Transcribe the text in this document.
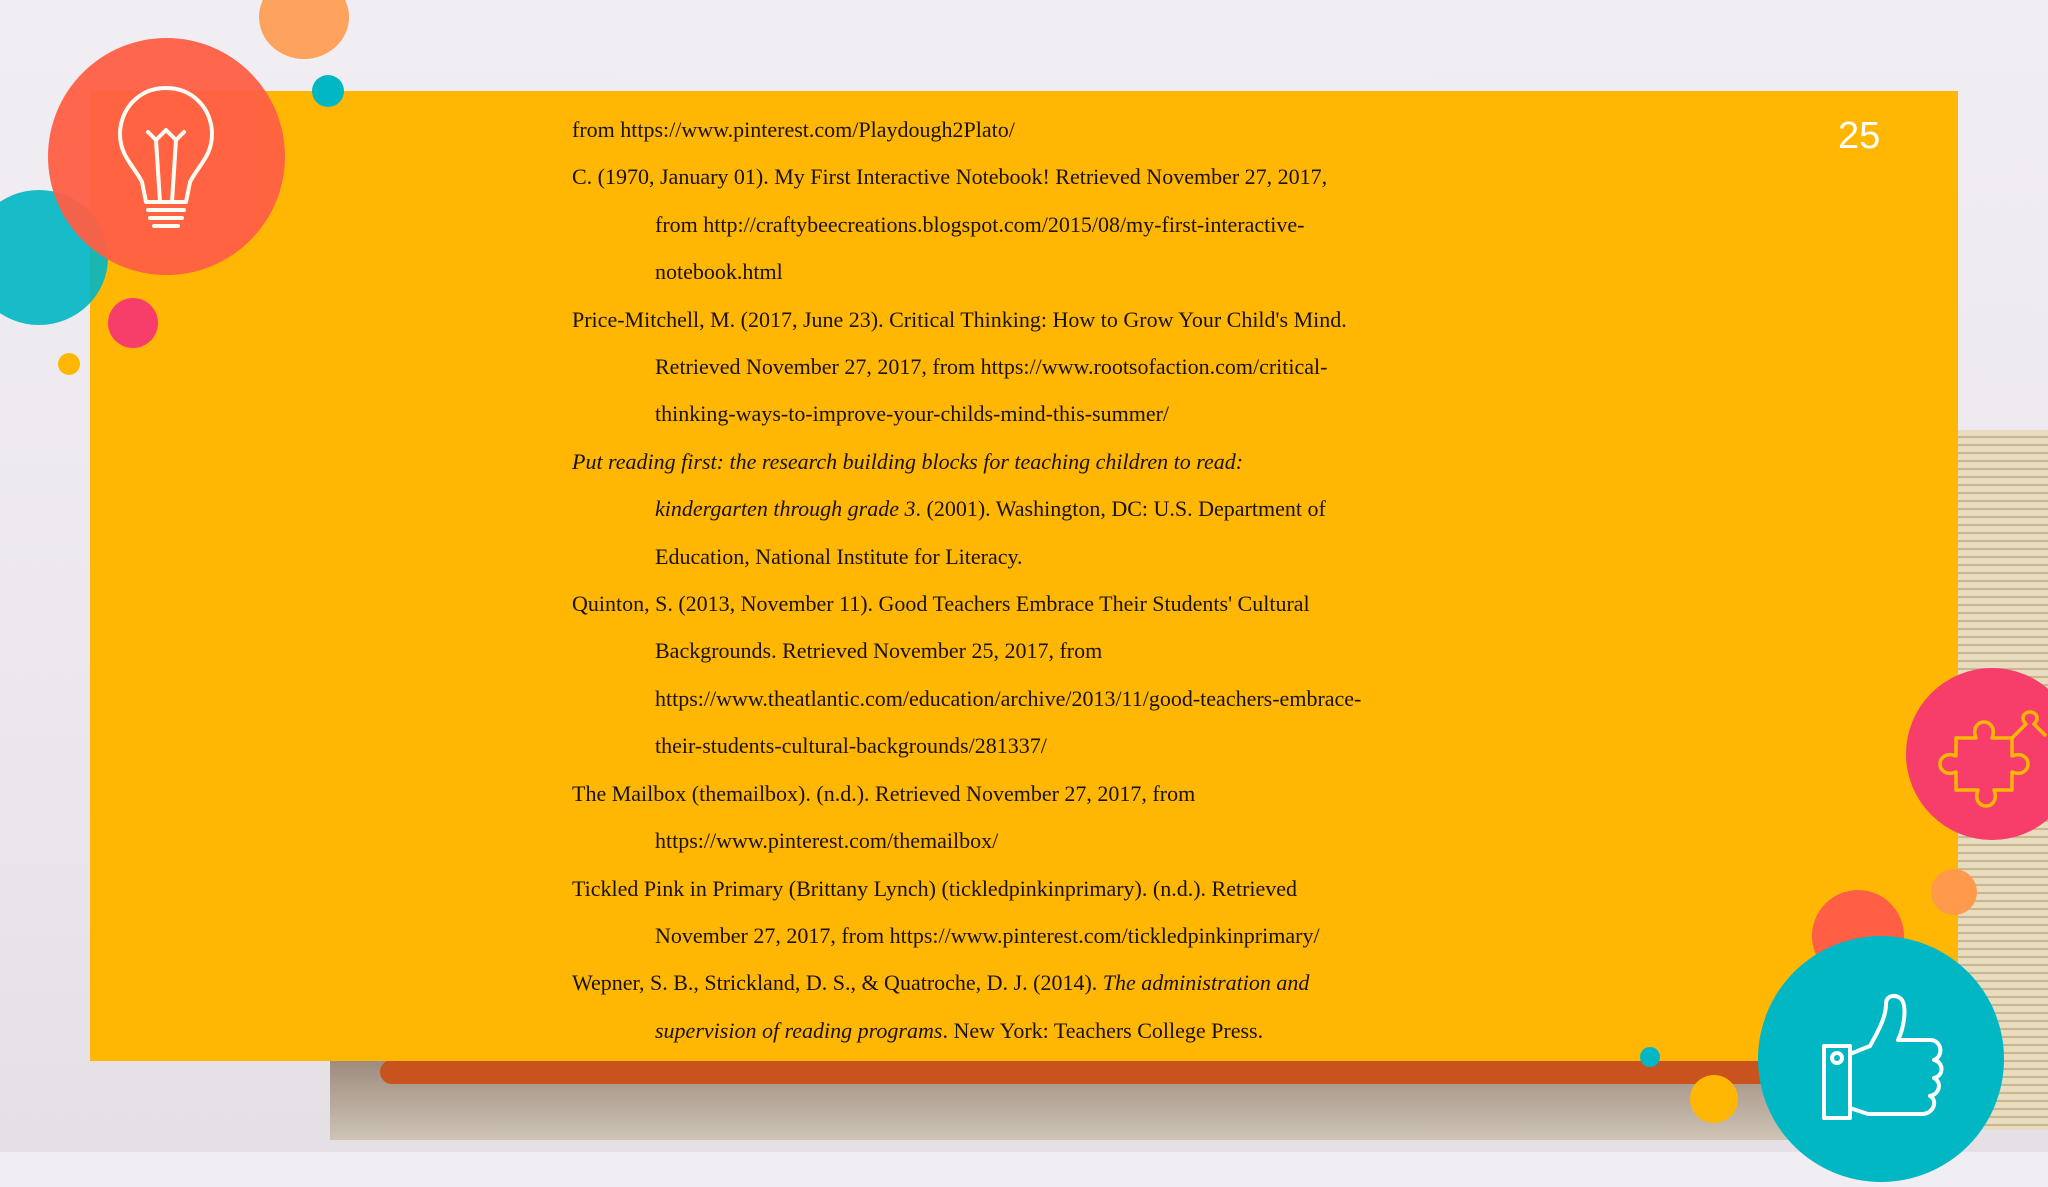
25
from https://www.pinterest.com/Playdough2Plato/
C. (1970, January 01). My First Interactive Notebook! Retrieved November 27, 2017,
from http://craftybeecreations.blogspot.com/2015/08/my-first-interactive-
notebook.html
Price-Mitchell, M. (2017, June 23). Critical Thinking: How to Grow Your Child's Mind.
Retrieved November 27, 2017, from https://www.rootsofaction.com/critical-
thinking-ways-to-improve-your-childs-mind-this-summer/
Put reading first: the research building blocks for teaching children to read:
kindergarten through grade 3. (2001). Washington, DC: U.S. Department of
Education, National Institute for Literacy.
Quinton, S. (2013, November 11). Good Teachers Embrace Their Students' Cultural
Backgrounds. Retrieved November 25, 2017, from
https://www.theatlantic.com/education/archive/2013/11/good-teachers-embrace-
their-students-cultural-backgrounds/281337/
The Mailbox (themailbox). (n.d.). Retrieved November 27, 2017, from
https://www.pinterest.com/themailbox/
Tickled Pink in Primary (Brittany Lynch) (tickledpinkinprimary). (n.d.). Retrieved
November 27, 2017, from https://www.pinterest.com/tickledpinkinprimary/
Wepner, S. B., Strickland, D. S., & Quatroche, D. J. (2014). The administration and
supervision of reading programs. New York: Teachers College Press.
